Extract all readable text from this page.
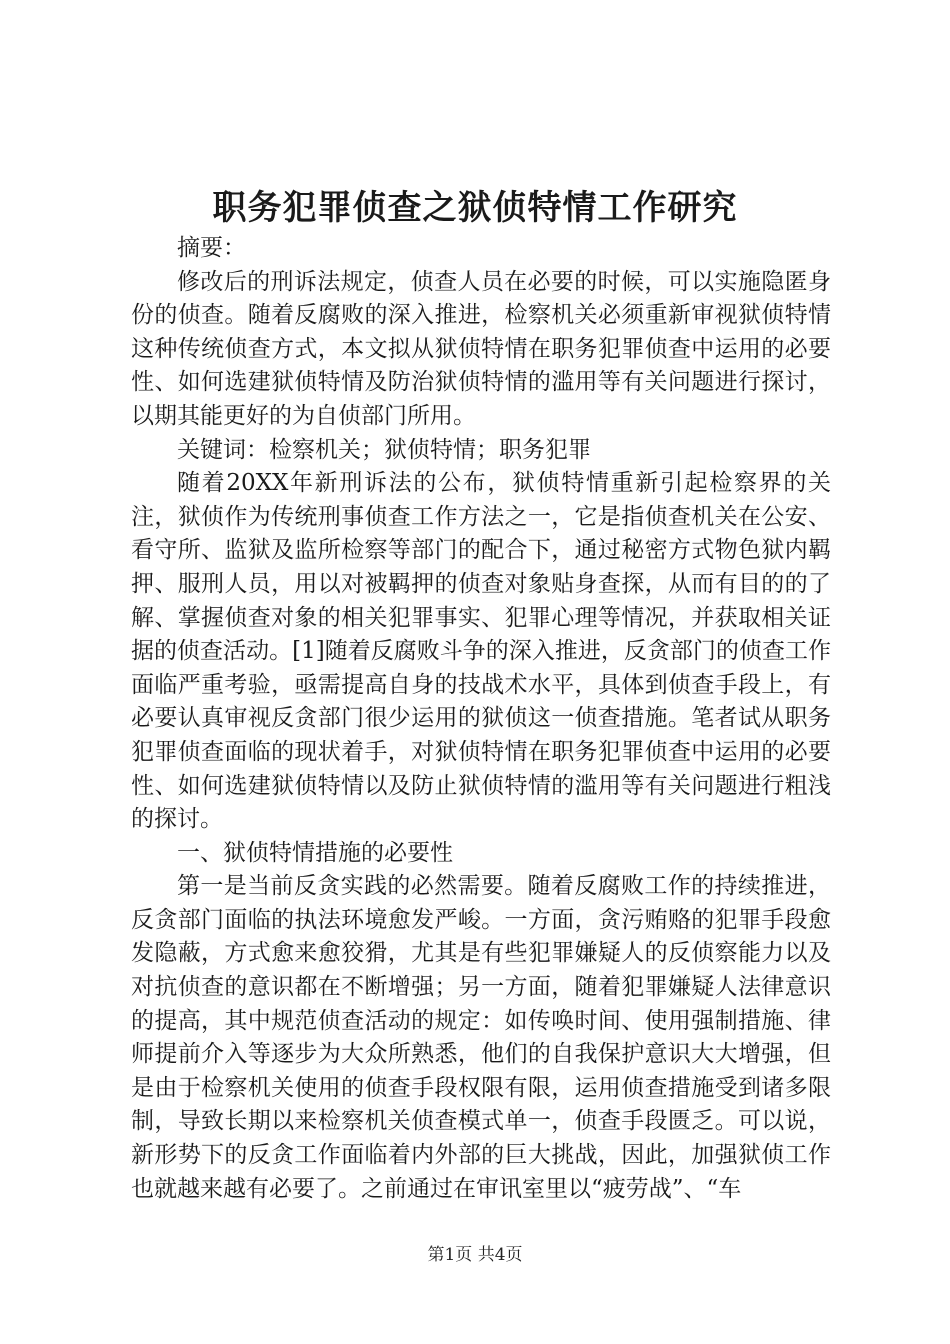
职务犯罪侦查之狱侦特情工作研究

摘要：

修改后的刑诉法规定，侦查人员在必要的时候，可以实施隐匿身份的侦查。随着反腐败的深入推进，检察机关必须重新审视狱侦特情这种传统侦查方式，本文拟从狱侦特情在职务犯罪侦查中运用的必要性、如何选建狱侦特情及防治狱侦特情的滥用等有关问题进行探讨，以期其能更好的为自侦部门所用。

关键词：检察机关；狱侦特情；职务犯罪

随着20XX年新刑诉法的公布，狱侦特情重新引起检察界的关注，狱侦作为传统刑事侦查工作方法之一，它是指侦查机关在公安、看守所、监狱及监所检察等部门的配合下，通过秘密方式物色狱内羁押、服刑人员，用以对被羁押的侦查对象贴身查探，从而有目的的了解、掌握侦查对象的相关犯罪事实、犯罪心理等情况，并获取相关证据的侦查活动。[1]随着反腐败斗争的深入推进，反贪部门的侦查工作面临严重考验，亟需提高自身的技战术水平，具体到侦查手段上，有必要认真审视反贪部门很少运用的狱侦这一侦查措施。笔者试从职务犯罪侦查面临的现状着手，对狱侦特情在职务犯罪侦查中运用的必要性、如何选建狱侦特情以及防止狱侦特情的滥用等有关问题进行粗浅的探讨。

一、狱侦特情措施的必要性

第一是当前反贪实践的必然需要。随着反腐败工作的持续推进，反贪部门面临的执法环境愈发严峻。一方面，贪污贿赂的犯罪手段愈发隐蔽，方式愈来愈狡猾，尤其是有些犯罪嫌疑人的反侦察能力以及对抗侦查的意识都在不断增强；另一方面，随着犯罪嫌疑人法律意识的提高，其中规范侦查活动的规定：如传唤时间、使用强制措施、律师提前介入等逐步为大众所熟悉，他们的自我保护意识大大增强，但是由于检察机关使用的侦查手段权限有限，运用侦查措施受到诸多限制，导致长期以来检察机关侦查模式单一，侦查手段匮乏。可以说，新形势下的反贪工作面临着内外部的巨大挑战，因此，加强狱侦工作也就越来越有必要了。之前通过在审讯室里以“疲劳战”、“车

第1页 共4页
